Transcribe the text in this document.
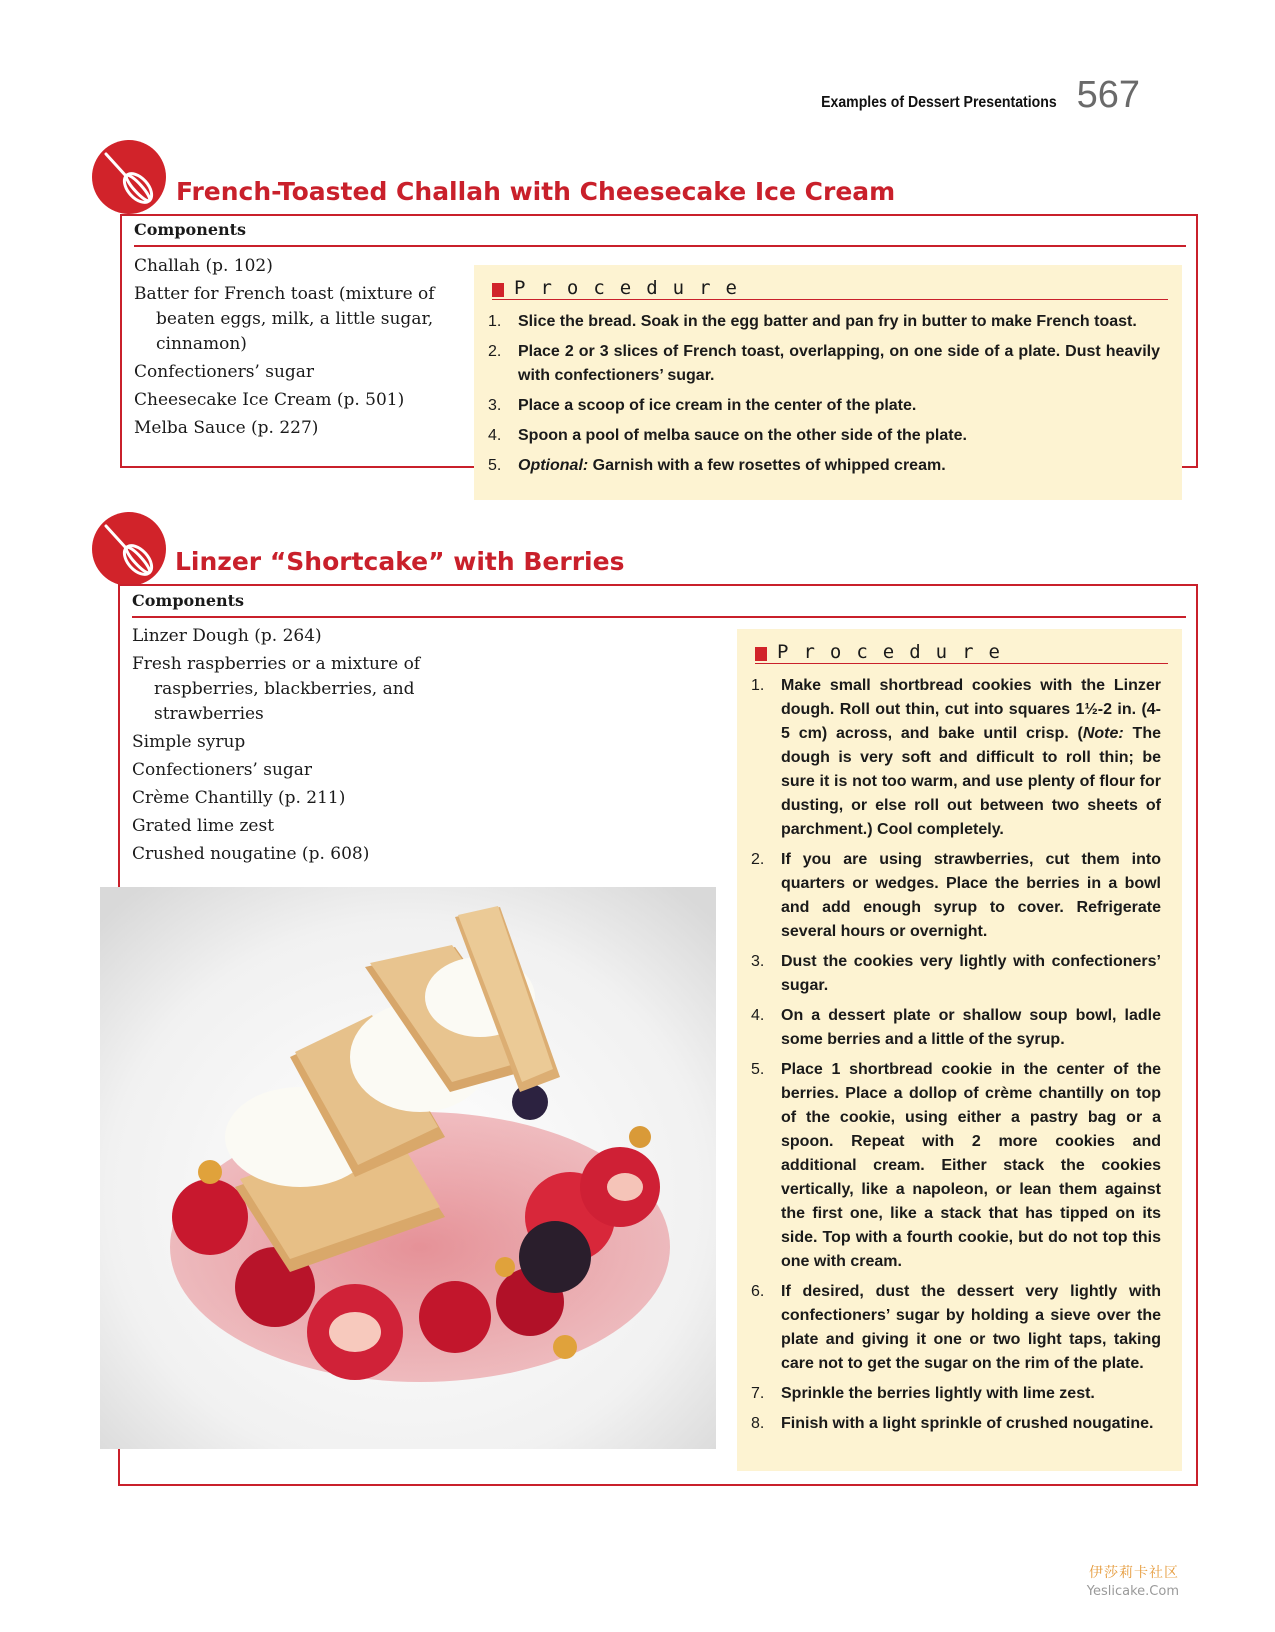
Examples of Dessert Presentations 567
French-Toasted Challah with Cheesecake Ice Cream
Components
Challah (p. 102)
Batter for French toast (mixture of beaten eggs, milk, a little sugar, cinnamon)
Confectioners’ sugar
Cheesecake Ice Cream (p. 501)
Melba Sauce (p. 227)
Procedure
1. Slice the bread. Soak in the egg batter and pan fry in butter to make French toast.
2. Place 2 or 3 slices of French toast, overlapping, on one side of a plate. Dust heavily with confectioners’ sugar.
3. Place a scoop of ice cream in the center of the plate.
4. Spoon a pool of melba sauce on the other side of the plate.
5. Optional: Garnish with a few rosettes of whipped cream.
Linzer “Shortcake” with Berries
Components
Linzer Dough (p. 264)
Fresh raspberries or a mixture of raspberries, blackberries, and strawberries
Simple syrup
Confectioners’ sugar
Crème Chantilly (p. 211)
Grated lime zest
Crushed nougatine (p. 608)
Procedure
1. Make small shortbread cookies with the Linzer dough. Roll out thin, cut into squares 1½-2 in. (4-5 cm) across, and bake until crisp. (Note: The dough is very soft and difficult to roll thin; be sure it is not too warm, and use plenty of flour for dusting, or else roll out between two sheets of parchment.) Cool completely.
2. If you are using strawberries, cut them into quarters or wedges. Place the berries in a bowl and add enough syrup to cover. Refrigerate several hours or overnight.
3. Dust the cookies very lightly with confectioners’ sugar.
4. On a dessert plate or shallow soup bowl, ladle some berries and a little of the syrup.
5. Place 1 shortbread cookie in the center of the berries. Place a dollop of crème chantilly on top of the cookie, using either a pastry bag or a spoon. Repeat with 2 more cookies and additional cream. Either stack the cookies vertically, like a napoleon, or lean them against the first one, like a stack that has tipped on its side. Top with a fourth cookie, but do not top this one with cream.
6. If desired, dust the dessert very lightly with confectioners’ sugar by holding a sieve over the plate and giving it one or two light taps, taking care not to get the sugar on the rim of the plate.
7. Sprinkle the berries lightly with lime zest.
8. Finish with a light sprinkle of crushed nougatine.
伊莎莉卡社区
Yeslicake.Com
